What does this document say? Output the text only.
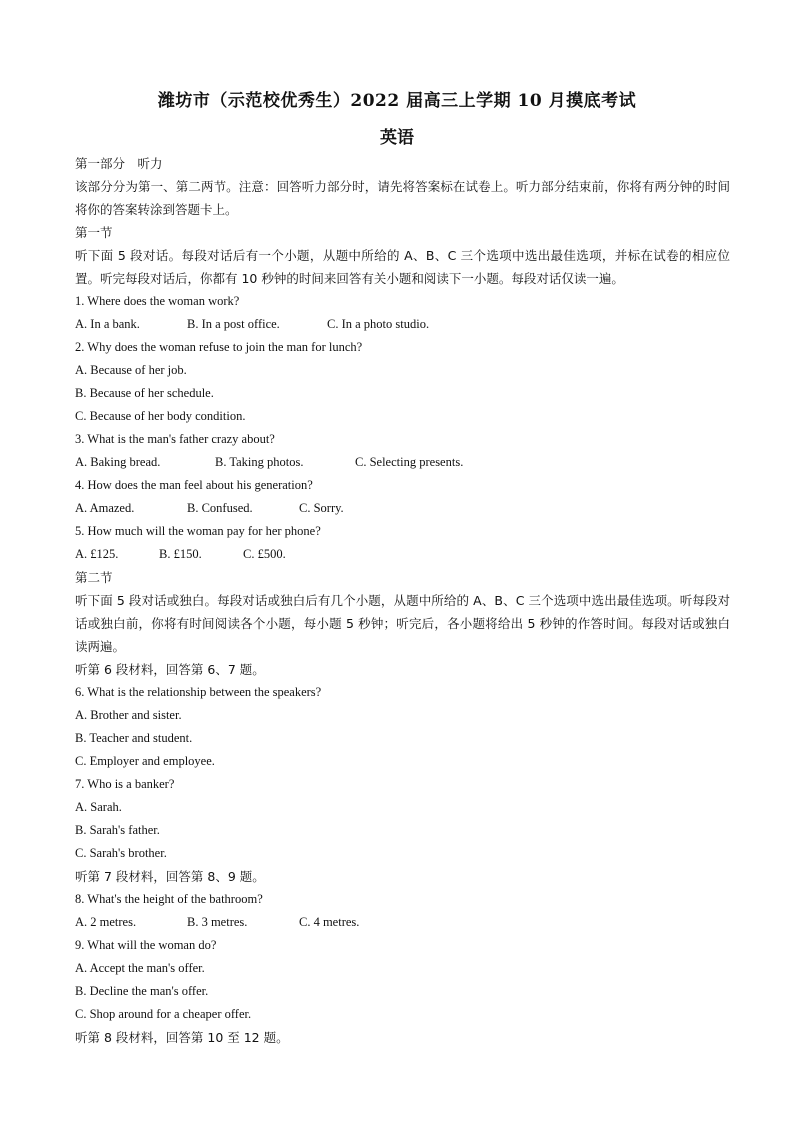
潍坊市（示范校优秀生）2022 届高三上学期 10 月摸底考试
英语
第一部分　听力
该部分分为第一、第二两节。注意：回答听力部分时，请先将答案标在试卷上。听力部分结束前，你将有两分钟的时间将你的答案转涂到答题卡上。
第一节
听下面 5 段对话。每段对话后有一个小题，从题中所给的 A、B、C 三个选项中选出最佳选项，并标在试卷的相应位置。听完每段对话后，你都有 10 秒钟的时间来回答有关小题和阅读下一小题。每段对话仅读一遍。
1. Where does the woman work?
A. In a bank.	B. In a post office.	C. In a photo studio.
2. Why does the woman refuse to join the man for lunch?
A. Because of her job.
B. Because of her schedule.
C. Because of her body condition.
3. What is the man's father crazy about?
A. Baking bread.	B. Taking photos.	C. Selecting presents.
4. How does the man feel about his generation?
A. Amazed.	B. Confused.	C. Sorry.
5. How much will the woman pay for her phone?
A. £125.	B. £150.	C. £500.
第二节
听下面 5 段对话或独白。每段对话或独白后有几个小题，从题中所给的 A、B、C 三个选项中选出最佳选项。听每段对话或独白前，你将有时间阅读各个小题，每小题 5 秒钟；听完后，各小题将给出 5 秒钟的作答时间。每段对话或独白读两遍。
听第 6 段材料，回答第 6、7 题。
6. What is the relationship between the speakers?
A. Brother and sister.
B. Teacher and student.
C. Employer and employee.
7. Who is a banker?
A. Sarah.
B. Sarah's father.
C. Sarah's brother.
听第 7 段材料，回答第 8、9 题。
8. What's the height of the bathroom?
A. 2 metres.	B. 3 metres.	C. 4 metres.
9. What will the woman do?
A. Accept the man's offer.
B. Decline the man's offer.
C. Shop around for a cheaper offer.
听第 8 段材料，回答第 10 至 12 题。
